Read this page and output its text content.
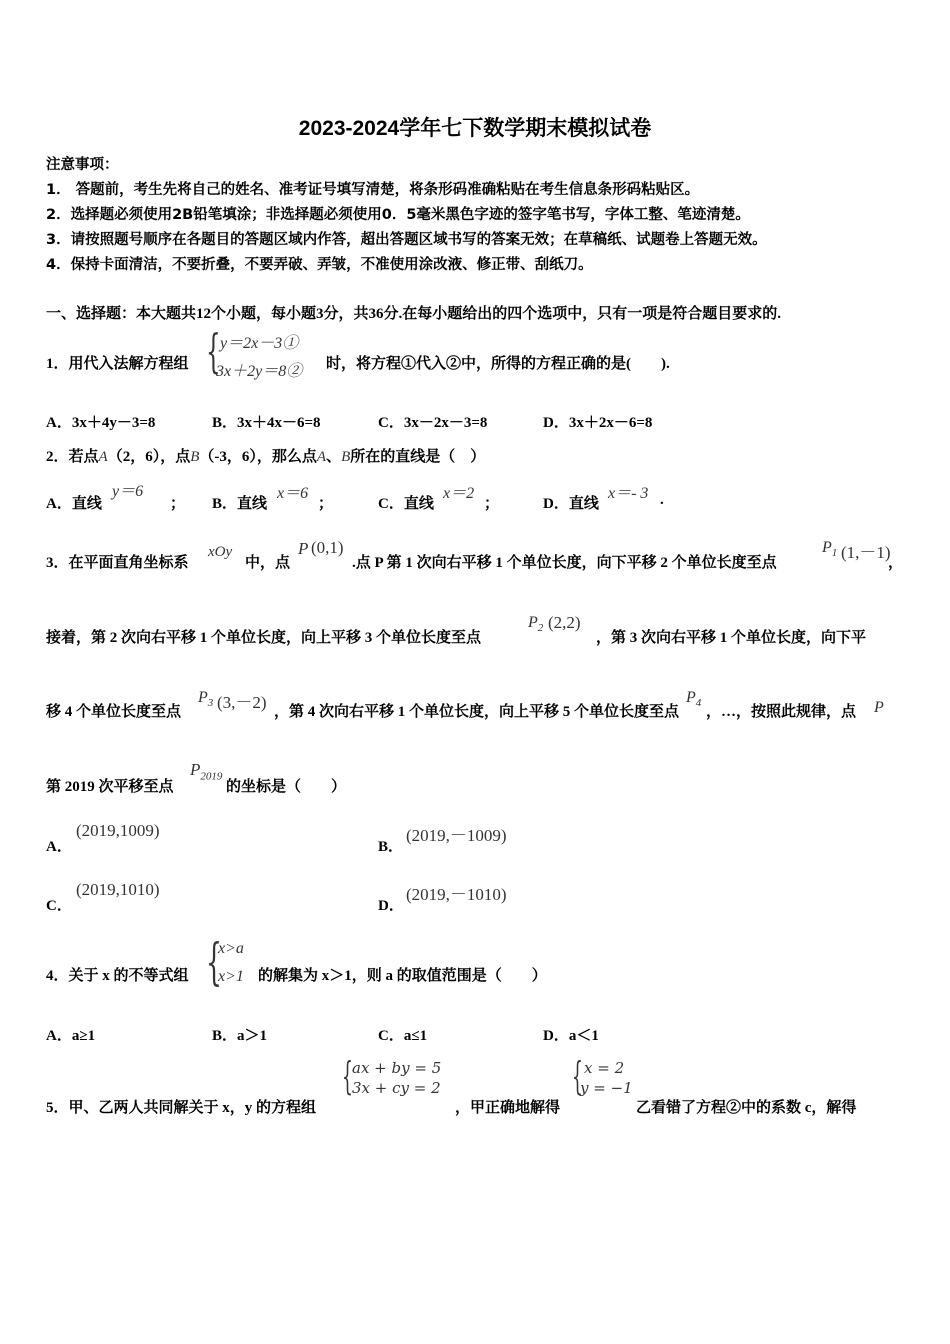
2023-2024学年七下数学期末模拟试卷
注意事项：
1． 答题前，考生先将自己的姓名、准考证号填写清楚，将条形码准确粘贴在考生信息条形码粘贴区。
2．选择题必须使用2B铅笔填涂；非选择题必须使用0．5毫米黑色字迹的签字笔书写，字体工整、笔迹清楚。
3．请按照题号顺序在各题目的答题区域内作答，超出答题区域书写的答案无效；在草稿纸、试题卷上答题无效。
4．保持卡面清洁，不要折叠，不要弄破、弄皱，不准使用涂改液、修正带、刮纸刀。
一、选择题：本大题共12个小题，每小题3分，共36分.在每小题给出的四个选项中，只有一项是符合题目要求的.
1．用代入法解方程组 { y＝2x－3①
3x＋2y＝8② 时，将方程①代入②中，所得的方程正确的是(　　).
A．3x＋4y－3=8	B．3x＋4x－6=8	C．3x－2x－3=8	D．3x＋2x－6=8
2．若点A（2，6），点B（-3，6），那么点A、B所在的直线是（　）
A．直线
y＝6
； B．直线
x＝6
；	C．直线
x＝2
；	D．直线
x＝- 3 .
3．在平面直角坐标系
xOy
中，点
P (0,1)
.点 P 第 1 次向右平移 1 个单位长度，向下平移 2 个单位长度至点
$P_1$ (1,－1)
，
接着，第 2 次向右平移 1 个单位长度，向上平移 3 个单位长度至点
$P_2$ (2,2)
，第 3 次向右平移 1 个单位长度，向下平
移 4 个单位长度至点
$P_3$ (3,－2) ，第 4 次向右平移 1 个单位长度，向上平移 5 个单位长度至点
$P_4$
，…，按照此规律，点 P
第 2019 次平移至点
$P_{2019}$
的坐标是（　　）
A．
(2019,1009)
B．
(2019,－1009)
C．
(2019,1010)
D．
(2019,－1010)
4．关于 x 的不等式组 {
x>a
x>1 的解集为 x＞1，则 a 的取值范围是（　　）
A．a≥1	B．a＞1	C．a≤1	D．a＜1
5．甲、乙两人共同解关于 x，y 的方程组
{ ax + by = 5
3x + cy = 2
，甲正确地解得
{ x = 2
y = −1
乙看错了方程②中的系数 c，解得
